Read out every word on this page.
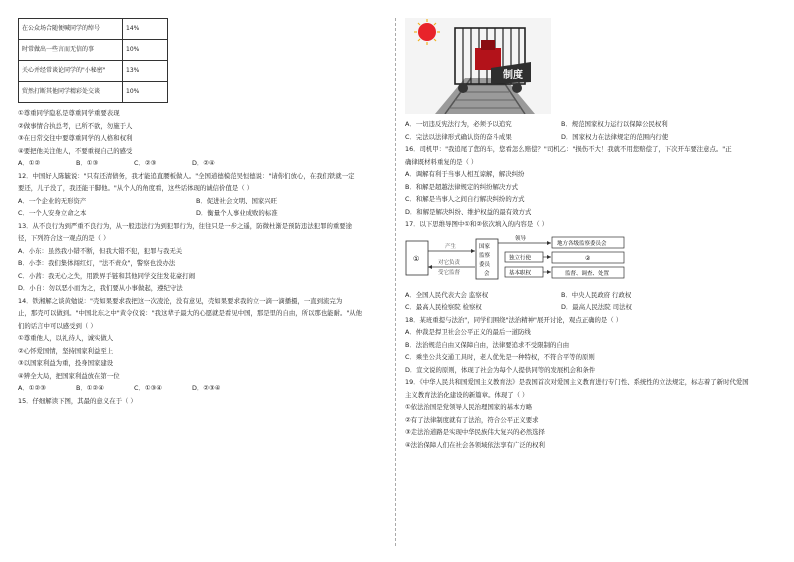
在公众场合随便喊同学的绰号	14%
时常做出一些言而无信的事	10%
关心并经常谈论同学的"小秘密"	13%
贸然打断其他同学精彩处交谈	10%
①尊重同学隐私是尊重同学重要表现
②做事情合执总考，已所不欲，勿施于人
③在日常交往中要尊重同学的人格和权利
④要把他关注他人，不要重视自己的感受
A．①②	B．①③	C．②③	D．②④
12．中国好人陈毓说："只有还清债务，我才能追直腰板做人。"全国道德模范吴恒德说："请你们放心，在我们铁就一定
要还，儿子没了，我还能干脚他。"从个人的角度看，这些话体现的诚信价值是（ ）
A．一个企业的无形资产	B．促进社会文明、国家兴旺
C．一个人安身立命之本	D．衡量个人事业成败的标准
13．从不良行为到严重不良行为，从一般违法行为到犯罪行为，往往只是一步之遥，防微杜渐是预防违法犯罪的重要途
径，下列符合这一观点的是（ ）
A．小东：虽然我小错不断，但我大错不犯，犯罪与我无关
B．小李：我们集体闯红灯，"法不责众"，警察也没办法
C．小茜：我无心之失，用跌界手链和其他同学交往发花豪打闹
D．小自：勿以恶小而为之，我们要从小事做起，遵纪守法
14．铁湘解之谈黄勉说："壳如果要求我把这一次凌沦，没有意见，壳如果要求我的立一滴一滴播摄，一直到流完为
止，那壳可以做到。"中国北东之中"黄令仪说："我这辈子最大的心愿就是看见中国，那是里的自由，所以那也能耐。"从他
们的话言中可以感受到（ ）
①尊重他人，以礼待人，诚实做人
②心怀爱国情，坚持国家利益至上
③以国家利益为重，投身国家建设
④辨全大局，把国家利益放在第一位
A．①②③	B．①②④	C．①③④	D．②③④
15．仔细解读下图，其最的意义在于（ ）
制度
A．一切违反宪法行为，必须予以追究	B．规范国家权力运行以保障公民权利
C．完法以法律形式确认资的奋斗成果	D．国家权力在法律规定的范围内行使
16．司机甲："我追尾了您的车，您看怎么赔偿？"司机乙："损伤不大！我就不用您赔偿了，下次开车要注意点。"正
确律既材料重复的是（ ）
A．调解有利于当事人相互谅解，解决纠纷
B．和解是超越法律规定的纠纷解决方式
C．和解是当事人之间自行解决纠纷的方式
D．和解是解决纠纷、维护权益的最有效方式
17．以下思维导图中①和②依次填入的内容是（ ）
①
产生
对它负责
受它监督
国家
监察
委员
会
领导
独立行使
基本职权
地方各级监察委员会
②
监督、调查、处置
A．全国人民代表大会 监察权	B．中央人民政府 行政权
C．最高人民检察院 检察权	D．最高人民法院 司法权
18．某班重提与法治"，同学们围绕"法治精神"展开讨论，观点正确的是（ ）
A．仲裁是捍卫社会公平正义的最后一道防线
B．法治规范自由又保障自由，法律要追求不受限制的自由
C．乘坐公共交通工具时，老人优先是一种特权，不符合平等的原则
D．宣文说的原则，体现了社会为每个人提供同等的发展机会和条件
19．《中华人民共和国爱国主义教育法》是我国首次对爱国主义教育进行专门性、系统性的立法规定，标志着了新时代爱国
主义教育法治化建设的新篇章。体现了（ ）
①依法治国是党领导人民治理国家的基本方略
②有了法律制度就有了法治，符合公平正义要求
③走法治道路是实现中华民族伟大复兴的必然选择
④法治保障人们在社会各领域依法享有广泛的权利
